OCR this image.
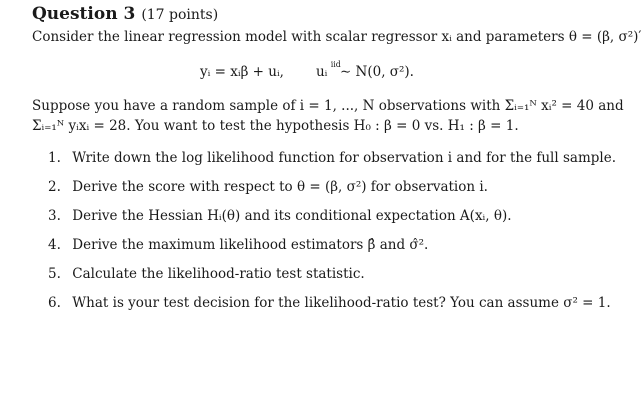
Question 3 (17 points)
Consider the linear regression model with scalar regressor xᵢ and parameters θ = (β, σ²)′
yᵢ = xᵢβ + uᵢ, uᵢ $^{iid}$∼ N(0, σ²).
Suppose you have a random sample of i = 1, ..., N observations with Σᵢ₌₁ᴺ xᵢ² = 40 and
Σᵢ₌₁ᴺ yᵢxᵢ = 28. You want to test the hypothesis H₀ : β = 0 vs. H₁ : β = 1.
1. Write down the log likelihood function for observation i and for the full sample.
2. Derive the score with respect to θ = (β, σ²) for observation i.
3. Derive the Hessian Hᵢ(θ) and its conditional expectation A(xᵢ, θ).
4. Derive the maximum likelihood estimators β̂ and σ̂².
5. Calculate the likelihood-ratio test statistic.
6. What is your test decision for the likelihood-ratio test? You can assume σ² = 1.
